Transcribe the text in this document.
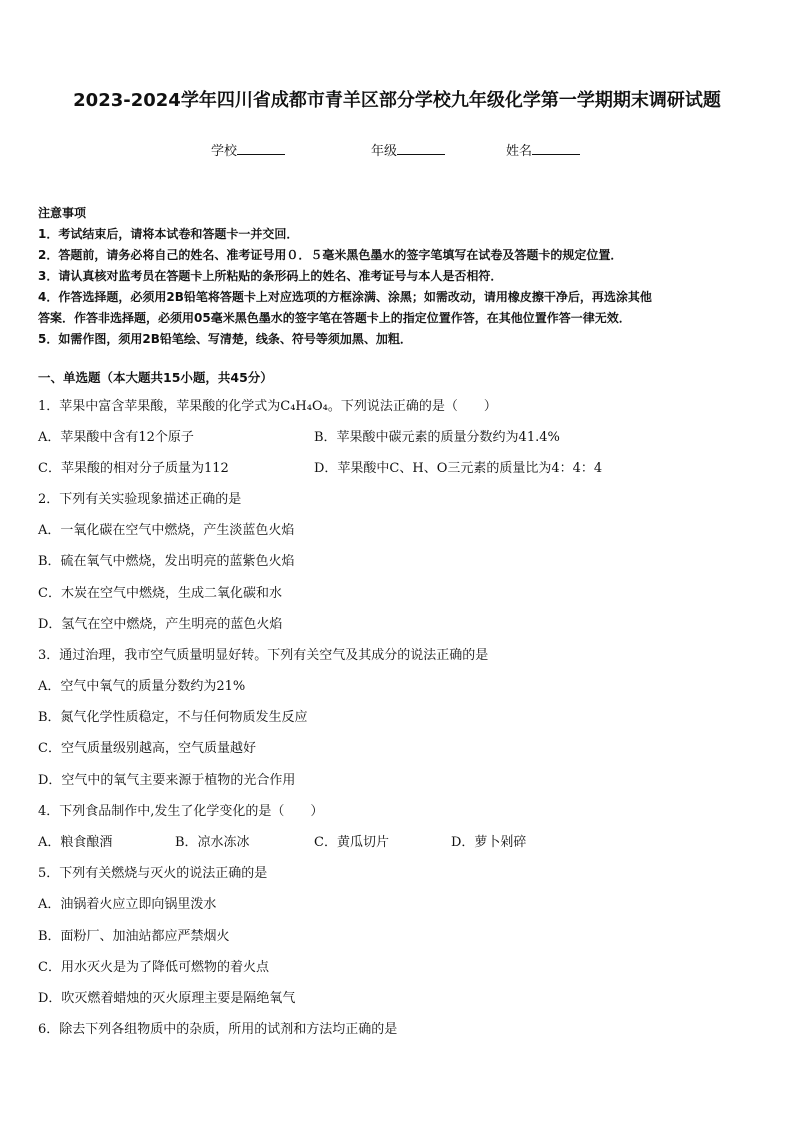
2023-2024学年四川省成都市青羊区部分学校九年级化学第一学期期末调研试题
学校	年级	姓名
注意事项
1．考试结束后，请将本试卷和答题卡一并交回．
2．答题前，请务必将自己的姓名、准考证号用０．５毫米黑色墨水的签字笔填写在试卷及答题卡的规定位置．
3．请认真核对监考员在答题卡上所粘贴的条形码上的姓名、准考证号与本人是否相符．
4．作答选择题，必须用2B铅笔将答题卡上对应选项的方框涂满、涂黑；如需改动，请用橡皮擦干净后，再选涂其他
答案．作答非选择题，必须用05毫米黑色墨水的签字笔在答题卡上的指定位置作答，在其他位置作答一律无效．
5．如需作图，须用2B铅笔绘、写清楚，线条、符号等须加黑、加粗．
一、单选题（本大题共15小题，共45分）
1．苹果中富含苹果酸，苹果酸的化学式为C₄H₄O₄。下列说法正确的是（　　）
A．苹果酸中含有12个原子	B．苹果酸中碳元素的质量分数约为41.4%
C．苹果酸的相对分子质量为112	D．苹果酸中C、H、O三元素的质量比为4：4：4
2．下列有关实验现象描述正确的是
A．一氧化碳在空气中燃烧，产生淡蓝色火焰
B．硫在氧气中燃烧，发出明亮的蓝紫色火焰
C．木炭在空气中燃烧，生成二氧化碳和水
D．氢气在空中燃烧，产生明亮的蓝色火焰
3．通过治理，我市空气质量明显好转。下列有关空气及其成分的说法正确的是
A．空气中氧气的质量分数约为21%
B．氮气化学性质稳定，不与任何物质发生反应
C．空气质量级别越高，空气质量越好
D．空气中的氧气主要来源于植物的光合作用
4．下列食品制作中,发生了化学变化的是（　　）
A．粮食酿酒	B．凉水冻冰	C．黄瓜切片	D．萝卜剁碎
5．下列有关燃烧与灭火的说法正确的是
A．油锅着火应立即向锅里泼水
B．面粉厂、加油站都应严禁烟火
C．用水灭火是为了降低可燃物的着火点
D．吹灭燃着蜡烛的灭火原理主要是隔绝氧气
6．除去下列各组物质中的杂质，所用的试剂和方法均正确的是
